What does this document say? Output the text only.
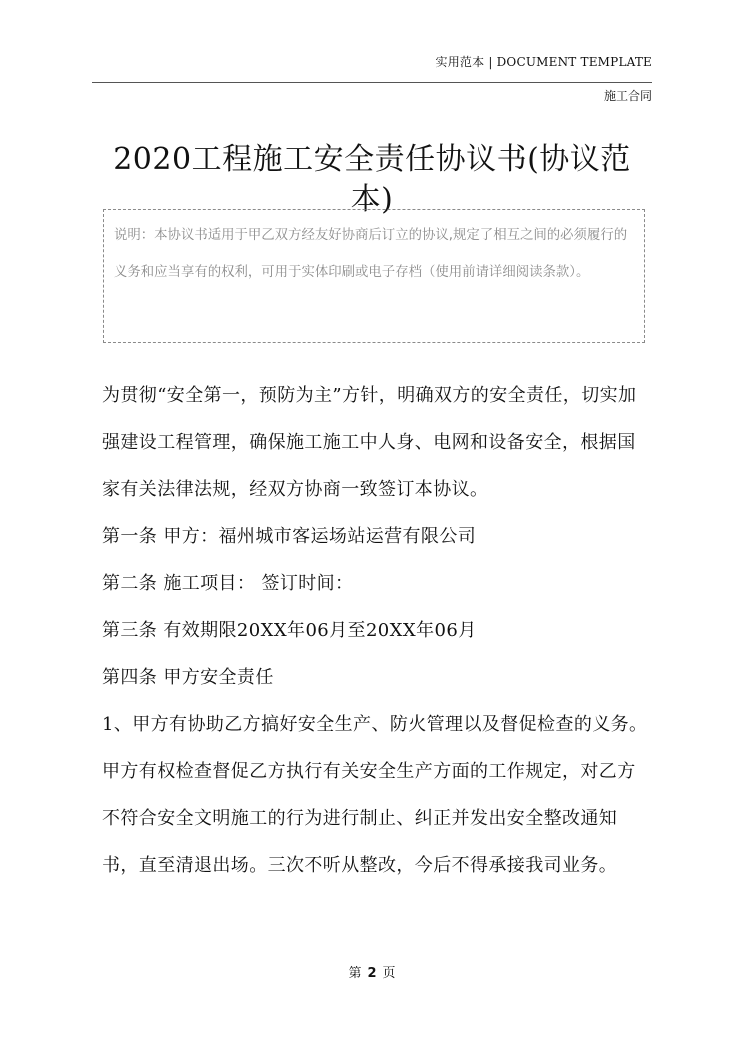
实用范本 | DOCUMENT TEMPLATE
施工合同
2020工程施工安全责任协议书(协议范本)
说明：本协议书适用于甲乙双方经友好协商后订立的协议,规定了相互之间的必须履行的义务和应当享有的权利，可用于实体印刷或电子存档（使用前请详细阅读条款）。

为贯彻“安全第一，预防为主”方针，明确双方的安全责任，切实加强建设工程管理，确保施工施工中人身、电网和设备安全，根据国家有关法律法规，经双方协商一致签订本协议。

第一条 甲方：福州城市客运场站运营有限公司

第二条 施工项目： 签订时间：

第三条 有效期限20XX年06月至20XX年06月

第四条 甲方安全责任

1、甲方有协助乙方搞好安全生产、防火管理以及督促检查的义务。甲方有权检查督促乙方执行有关安全生产方面的工作规定，对乙方不符合安全文明施工的行为进行制止、纠正并发出安全整改通知书，直至清退出场。三次不听从整改，今后不得承接我司业务。

第 2 页
